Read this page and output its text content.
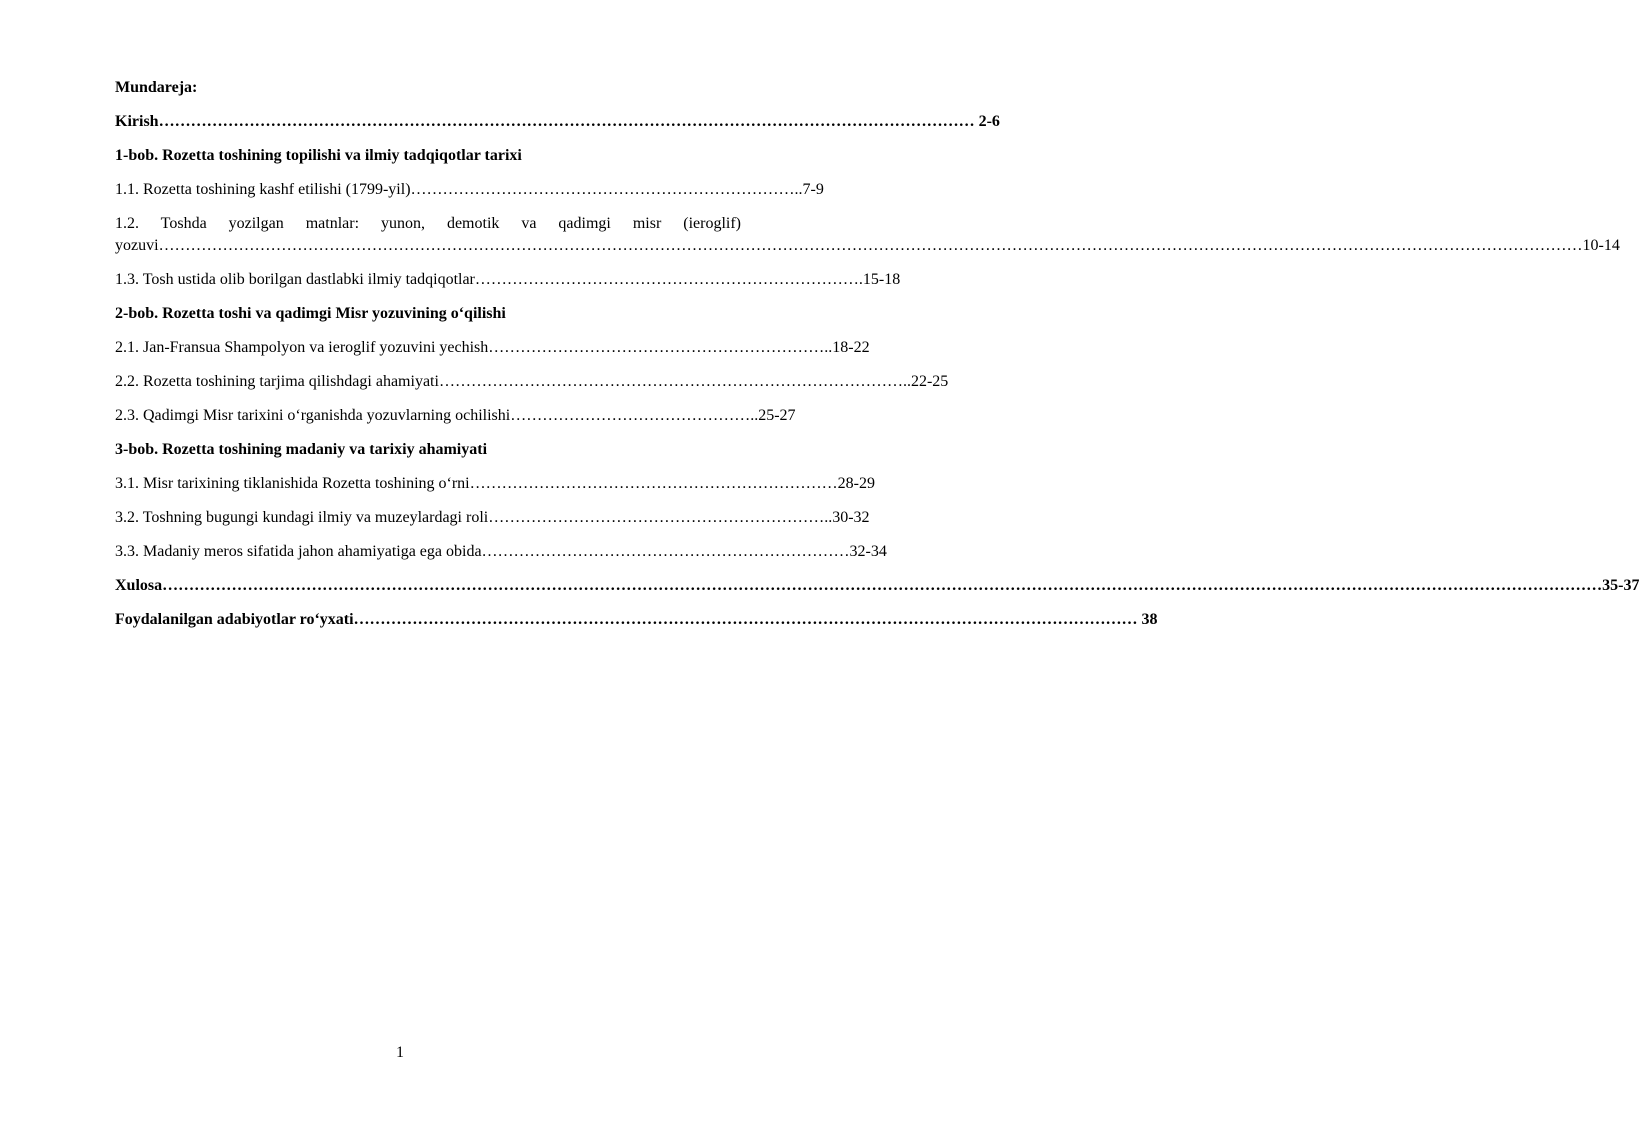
Mundareja:
Kirish……………………………………………………………………………………………………………………………………… 2-6
1-bob. Rozetta toshining topilishi va ilmiy tadqiqotlar tarixi
1.1. Rozetta toshining kashf etilishi (1799-yil)………………………………………………………………..7-9
1.2. Toshda yozilgan matnlar: yunon, demotik va qadimgi misr (ieroglif)
yozuvi……………………………………………………………………………………………………………………………………………………………………………………………………………………………………………10-14
1.3. Tosh ustida olib borilgan dastlabki ilmiy tadqiqotlar……………………………………………………………….15-18
2-bob. Rozetta toshi va qadimgi Misr yozuvining o‘qilishi
2.1. Jan-Fransua Shampolyon va ieroglif yozuvini yechish………………………………………………………..18-22
2.2. Rozetta toshining tarjima qilishdagi ahamiyati……………………………………………………………………………..22-25
2.3. Qadimgi Misr tarixini o‘rganishda yozuvlarning ochilishi………………………………………..25-27
3-bob. Rozetta toshining madaniy va tarixiy ahamiyati
3.1. Misr tarixining tiklanishida Rozetta toshining o‘rni……………………………………………………………28-29
3.2. Toshning bugungi kundagi ilmiy va muzeylardagi roli………………………………………………………..30-32
3.3. Madaniy meros sifatida jahon ahamiyatiga ega obida……………………………………………………………32-34
Xulosa………………………………………………………………………………………………………………………………………………………………………………………………………………………………………………35-37
Foydalanilgan adabiyotlar ro‘yxati………………………………………………………………………………………………………………………………… 38
1
